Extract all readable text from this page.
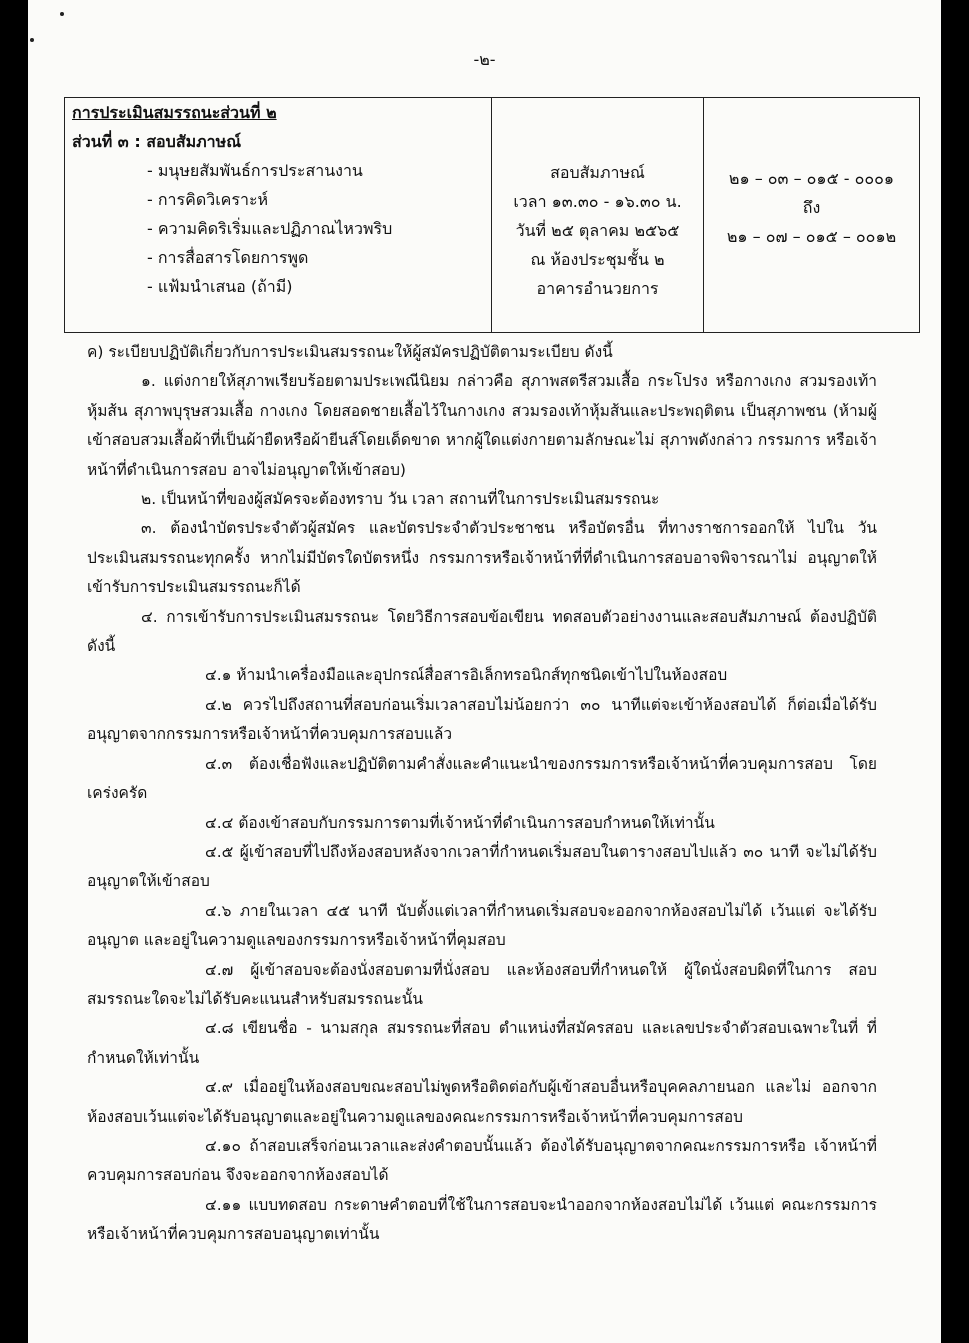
-๒-
การประเมินสมรรถนะส่วนที่ ๒
ส่วนที่ ๓ : สอบสัมภาษณ์
- มนุษยสัมพันธ์การประสานงาน
- การคิดวิเคราะห์
- ความคิดริเริ่มและปฏิภาณไหวพริบ
- การสื่อสารโดยการพูด
- แฟ้มนำเสนอ (ถ้ามี)

สอบสัมภาษณ์
เวลา ๑๓.๓๐ - ๑๖.๓๐ น.
วันที่ ๒๕ ตุลาคม ๒๕๖๕
ณ ห้องประชุมชั้น ๒
อาคารอำนวยการ

๒๑ – ๐๓ – ๐๑๕ - ๐๐๐๑
ถึง
๒๑ – ๐๗ – ๐๑๕ – ๐๐๑๒

ค) ระเบียบปฏิบัติเกี่ยวกับการประเมินสมรรถนะให้ผู้สมัครปฏิบัติตามระเบียบ ดังนี้

๑. แต่งกายให้สุภาพเรียบร้อยตามประเพณีนิยม กล่าวคือ สุภาพสตรีสวมเสื้อ กระโปรง หรือกางเกง สวมรองเท้าหุ้มส้น สุภาพบุรุษสวมเสื้อ กางเกง โดยสอดชายเสื้อไว้ในกางเกง สวมรองเท้าหุ้มส้นและประพฤติตน เป็นสุภาพชน (ห้ามผู้เข้าสอบสวมเสื้อผ้าที่เป็นผ้ายืดหรือผ้ายีนส์โดยเด็ดขาด หากผู้ใดแต่งกายตามลักษณะไม่ สุภาพดังกล่าว กรรมการ หรือเจ้าหน้าที่ดำเนินการสอบ อาจไม่อนุญาตให้เข้าสอบ)

๒. เป็นหน้าที่ของผู้สมัครจะต้องทราบ วัน เวลา สถานที่ในการประเมินสมรรถนะ

๓. ต้องนำบัตรประจำตัวผู้สมัคร และบัตรประจำตัวประชาชน หรือบัตรอื่น ที่ทางราชการออกให้ ไปใน วันประเมินสมรรถนะทุกครั้ง หากไม่มีบัตรใดบัตรหนึ่ง กรรมการหรือเจ้าหน้าที่ที่ดำเนินการสอบอาจพิจารณาไม่ อนุญาตให้เข้ารับการประเมินสมรรถนะก็ได้

๔. การเข้ารับการประเมินสมรรถนะ โดยวิธีการสอบข้อเขียน ทดสอบตัวอย่างงานและสอบสัมภาษณ์ ต้องปฏิบัติ ดังนี้

๔.๑ ห้ามนำเครื่องมือและอุปกรณ์สื่อสารอิเล็กทรอนิกส์ทุกชนิดเข้าไปในห้องสอบ

๔.๒ ควรไปถึงสถานที่สอบก่อนเริ่มเวลาสอบไม่น้อยกว่า ๓๐ นาทีแต่จะเข้าห้องสอบได้ ก็ต่อเมื่อได้รับอนุญาตจากกรรมการหรือเจ้าหน้าที่ควบคุมการสอบแล้ว

๔.๓ ต้องเชื่อฟังและปฏิบัติตามคำสั่งและคำแนะนำของกรรมการหรือเจ้าหน้าที่ควบคุมการสอบ โดยเคร่งครัด

๔.๔ ต้องเข้าสอบกับกรรมการตามที่เจ้าหน้าที่ดำเนินการสอบกำหนดให้เท่านั้น

๔.๕ ผู้เข้าสอบที่ไปถึงห้องสอบหลังจากเวลาที่กำหนดเริ่มสอบในตารางสอบไปแล้ว ๓๐ นาที จะไม่ได้รับอนุญาตให้เข้าสอบ

๔.๖ ภายในเวลา ๔๕ นาที นับตั้งแต่เวลาที่กำหนดเริ่มสอบจะออกจากห้องสอบไม่ได้ เว้นแต่ จะได้รับอนุญาต และอยู่ในความดูแลของกรรมการหรือเจ้าหน้าที่คุมสอบ

๔.๗ ผู้เข้าสอบจะต้องนั่งสอบตามที่นั่งสอบ และห้องสอบที่กำหนดให้ ผู้ใดนั่งสอบผิดที่ในการ สอบสมรรถนะใดจะไม่ได้รับคะแนนสำหรับสมรรถนะนั้น

๔.๘ เขียนชื่อ - นามสกุล สมรรถนะที่สอบ ตำแหน่งที่สมัครสอบ และเลขประจำตัวสอบเฉพาะในที่ ที่กำหนดให้เท่านั้น

๔.๙ เมื่ออยู่ในห้องสอบขณะสอบไม่พูดหรือติดต่อกับผู้เข้าสอบอื่นหรือบุคคลภายนอก และไม่ ออกจากห้องสอบเว้นแต่จะได้รับอนุญาตและอยู่ในความดูแลของคณะกรรมการหรือเจ้าหน้าที่ควบคุมการสอบ

๔.๑๐ ถ้าสอบเสร็จก่อนเวลาและส่งคำตอบนั้นแล้ว ต้องได้รับอนุญาตจากคณะกรรมการหรือ เจ้าหน้าที่ควบคุมการสอบก่อน จึงจะออกจากห้องสอบได้

๔.๑๑ แบบทดสอบ กระดาษคำตอบที่ใช้ในการสอบจะนำออกจากห้องสอบไม่ได้ เว้นแต่ คณะกรรมการหรือเจ้าหน้าที่ควบคุมการสอบอนุญาตเท่านั้น
